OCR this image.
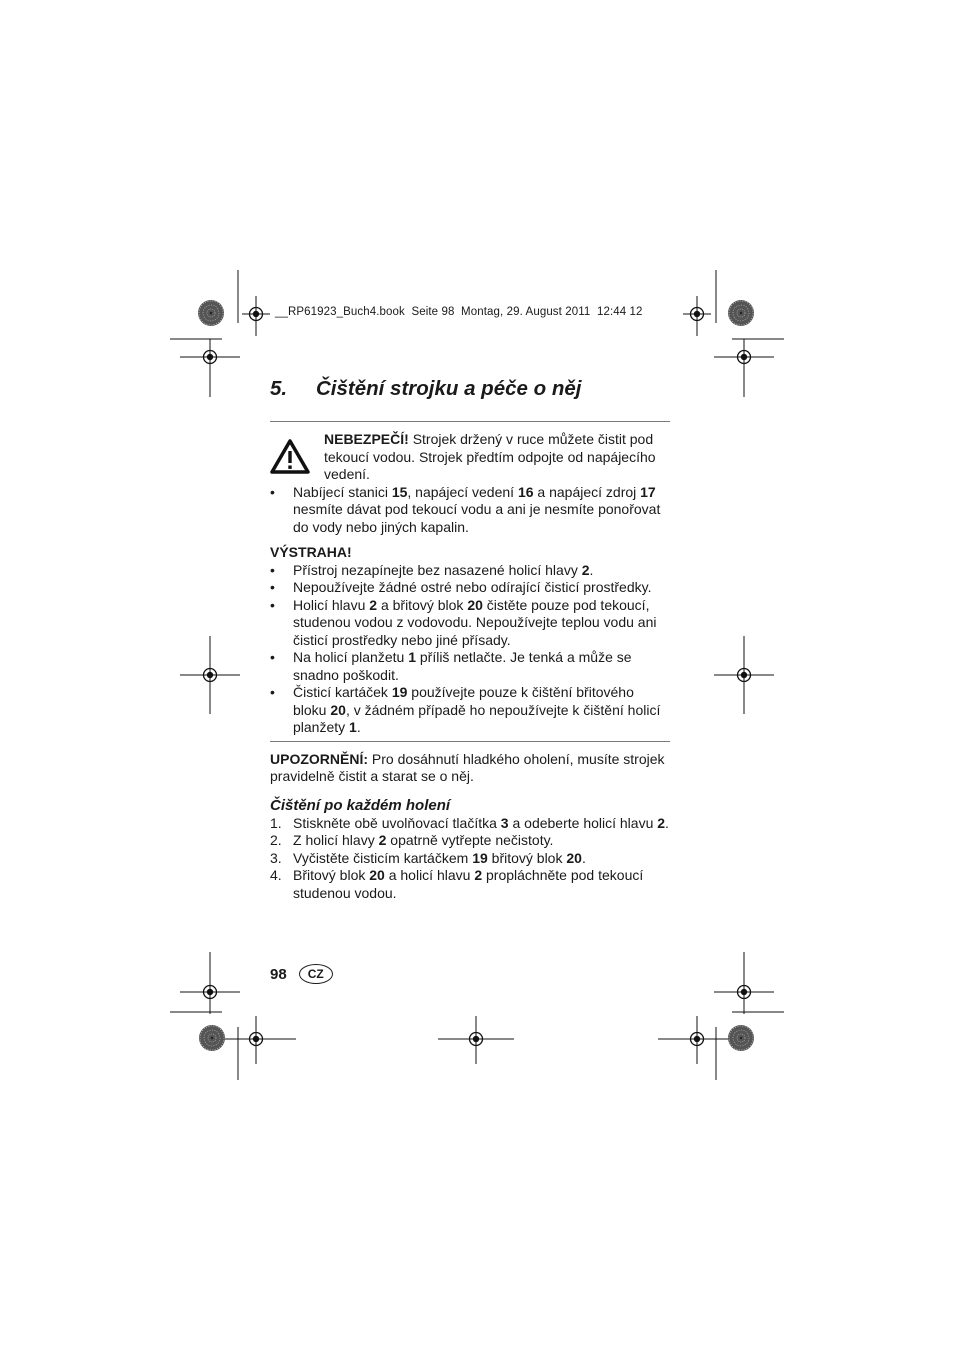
__RP61923_Buch4.book  Seite 98  Montag, 29. August 2011  12:44 12
5.	Čištění strojku a péče o něj
NEBEZPEČÍ! Strojek držený v ruce můžete čistit pod tekoucí vodou. Strojek předtím odpojte od napájecího vedení.
• Nabíjecí stanici 15, napájecí vedení 16 a napájecí zdroj 17 nesmíte dávat pod tekoucí vodu a ani je nesmíte ponořovat do vody nebo jiných kapalin.
VÝSTRAHA!
• Přístroj nezapínejte bez nasazené holicí hlavy 2.
• Nepoužívejte žádné ostré nebo odírající čisticí prostředky.
• Holicí hlavu 2 a břitový blok 20 čistěte pouze pod tekoucí, studenou vodou z vodovodu. Nepoužívejte teplou vodu ani čisticí prostředky nebo jiné přísady.
• Na holicí planžetu 1 příliš netlačte. Je tenká a může se snadno poškodit.
• Čisticí kartáček 19 používejte pouze k čištění břitového bloku 20, v žádném případě ho nepoužívejte k čištění holicí planžety 1.
UPOZORNĚNÍ: Pro dosáhnutí hladkého oholení, musíte strojek pravidelně čistit a starat se o něj.
Čištění po každém holení
1. Stiskněte obě uvolňovací tlačítka 3 a odeberte holicí hlavu 2.
2. Z holicí hlavy 2 opatrně vytřepte nečistoty.
3. Vyčistěte čisticím kartáčkem 19 břitový blok 20.
4. Břitový blok 20 a holicí hlavu 2 propláchněte pod tekoucí studenou vodou.
98	CZ
